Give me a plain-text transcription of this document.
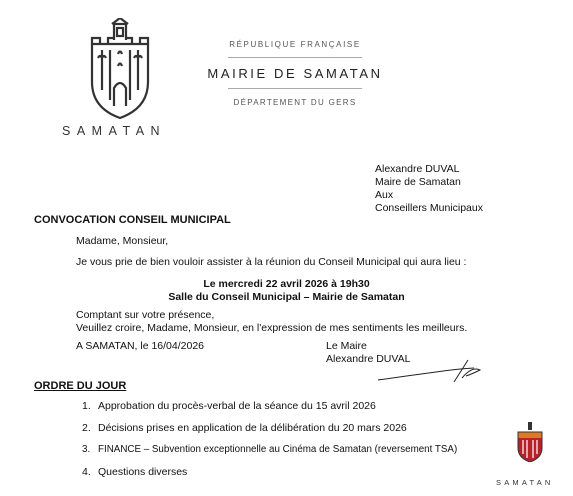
SAMATAN
RÉPUBLIQUE FRANÇAISE
MAIRIE DE SAMATAN
DÉPARTEMENT DU GERS
Alexandre DUVAL
Maire de Samatan
Aux
Conseillers Municipaux
CONVOCATION CONSEIL MUNICIPAL
Madame, Monsieur,
Je vous prie de bien vouloir assister à la réunion du Conseil Municipal qui aura lieu :
Le mercredi 22 avril 2026 à 19h30
Salle du Conseil Municipal – Mairie de Samatan
Comptant sur votre présence,
Veuillez croire, Madame, Monsieur, en l'expression de mes sentiments les meilleurs.
A SAMATAN, le 16/04/2026	Le Maire
Alexandre DUVAL
ORDRE DU JOUR
1. Approbation du procès-verbal de la séance du 15 avril 2026
2. Décisions prises en application de la délibération du 20 mars 2026
3. FINANCE – Subvention exceptionnelle au Cinéma de Samatan (reversement TSA)
4. Questions diverses
SAMATAN
